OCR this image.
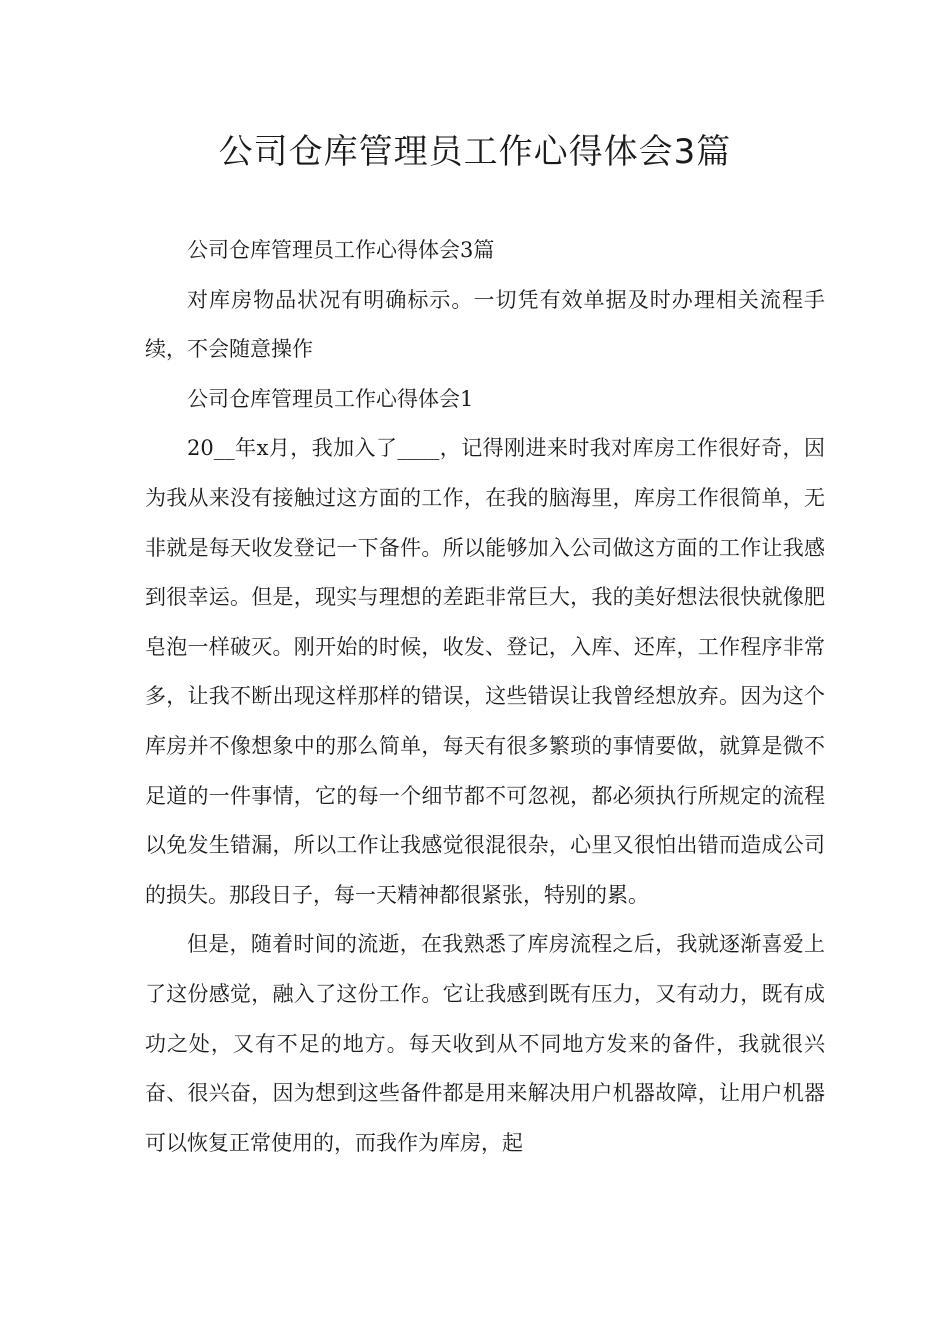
公司仓库管理员工作心得体会3篇

公司仓库管理员工作心得体会3篇

对库房物品状况有明确标示。一切凭有效单据及时办理相关流程手续，不会随意操作

公司仓库管理员工作心得体会1

20__年x月，我加入了____，记得刚进来时我对库房工作很好奇，因为我从来没有接触过这方面的工作，在我的脑海里，库房工作很简单，无非就是每天收发登记一下备件。所以能够加入公司做这方面的工作让我感到很幸运。但是，现实与理想的差距非常巨大，我的美好想法很快就像肥皂泡一样破灭。刚开始的时候，收发、登记，入库、还库，工作程序非常多，让我不断出现这样那样的错误，这些错误让我曾经想放弃。因为这个库房并不像想象中的那么简单，每天有很多繁琐的事情要做，就算是微不足道的一件事情，它的每一个细节都不可忽视，都必须执行所规定的流程以免发生错漏，所以工作让我感觉很混很杂，心里又很怕出错而造成公司的损失。那段日子，每一天精神都很紧张，特别的累。

但是，随着时间的流逝，在我熟悉了库房流程之后，我就逐渐喜爱上了这份感觉，融入了这份工作。它让我感到既有压力，又有动力，既有成功之处，又有不足的地方。每天收到从不同地方发来的备件，我就很兴奋、很兴奋，因为想到这些备件都是用来解决用户机器故障，让用户机器可以恢复正常使用的，而我作为库房，起
